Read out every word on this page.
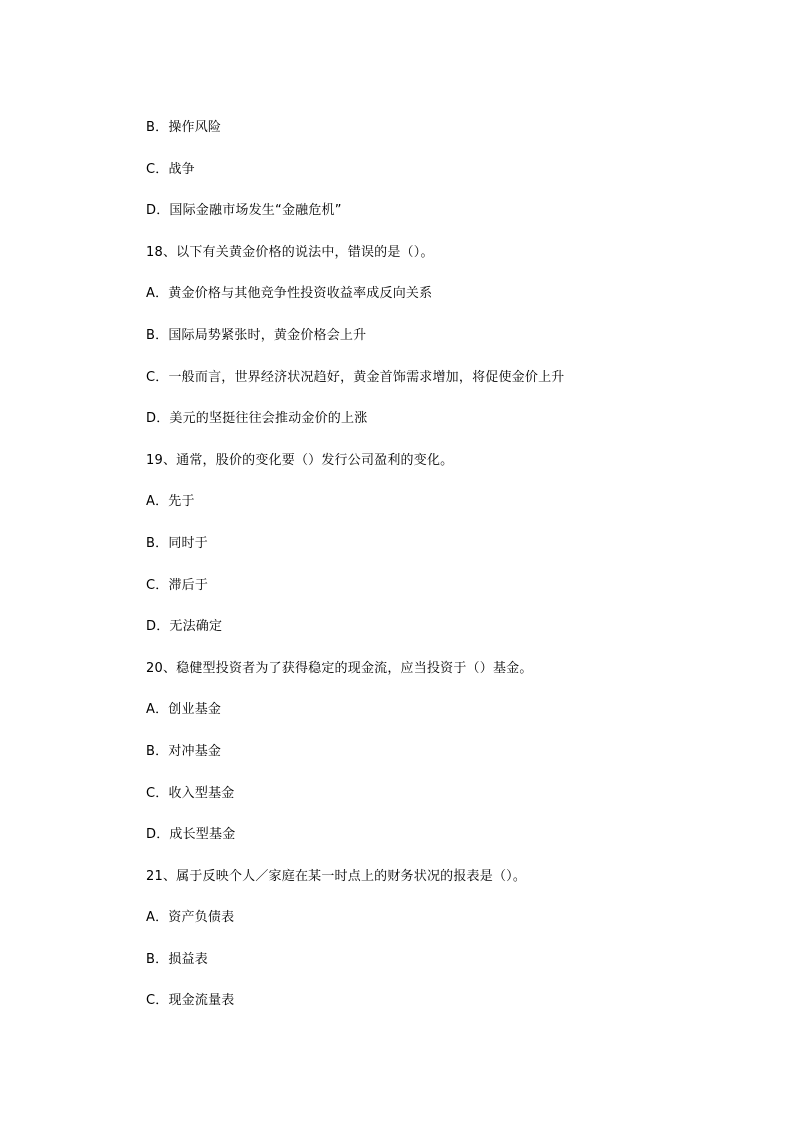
B．操作风险
C．战争
D．国际金融市场发生“金融危机”
18、以下有关黄金价格的说法中，错误的是（）。
A．黄金价格与其他竞争性投资收益率成反向关系
B．国际局势紧张时，黄金价格会上升
C．一般而言，世界经济状况趋好，黄金首饰需求增加，将促使金价上升
D．美元的坚挺往往会推动金价的上涨
19、通常，股价的变化要（）发行公司盈利的变化。
A．先于
B．同时于
C．滞后于
D．无法确定
20、稳健型投资者为了获得稳定的现金流，应当投资于（）基金。
A．创业基金
B．对冲基金
C．收入型基金
D．成长型基金
21、属于反映个人／家庭在某一时点上的财务状况的报表是（）。
A．资产负债表
B．损益表
C．现金流量表
